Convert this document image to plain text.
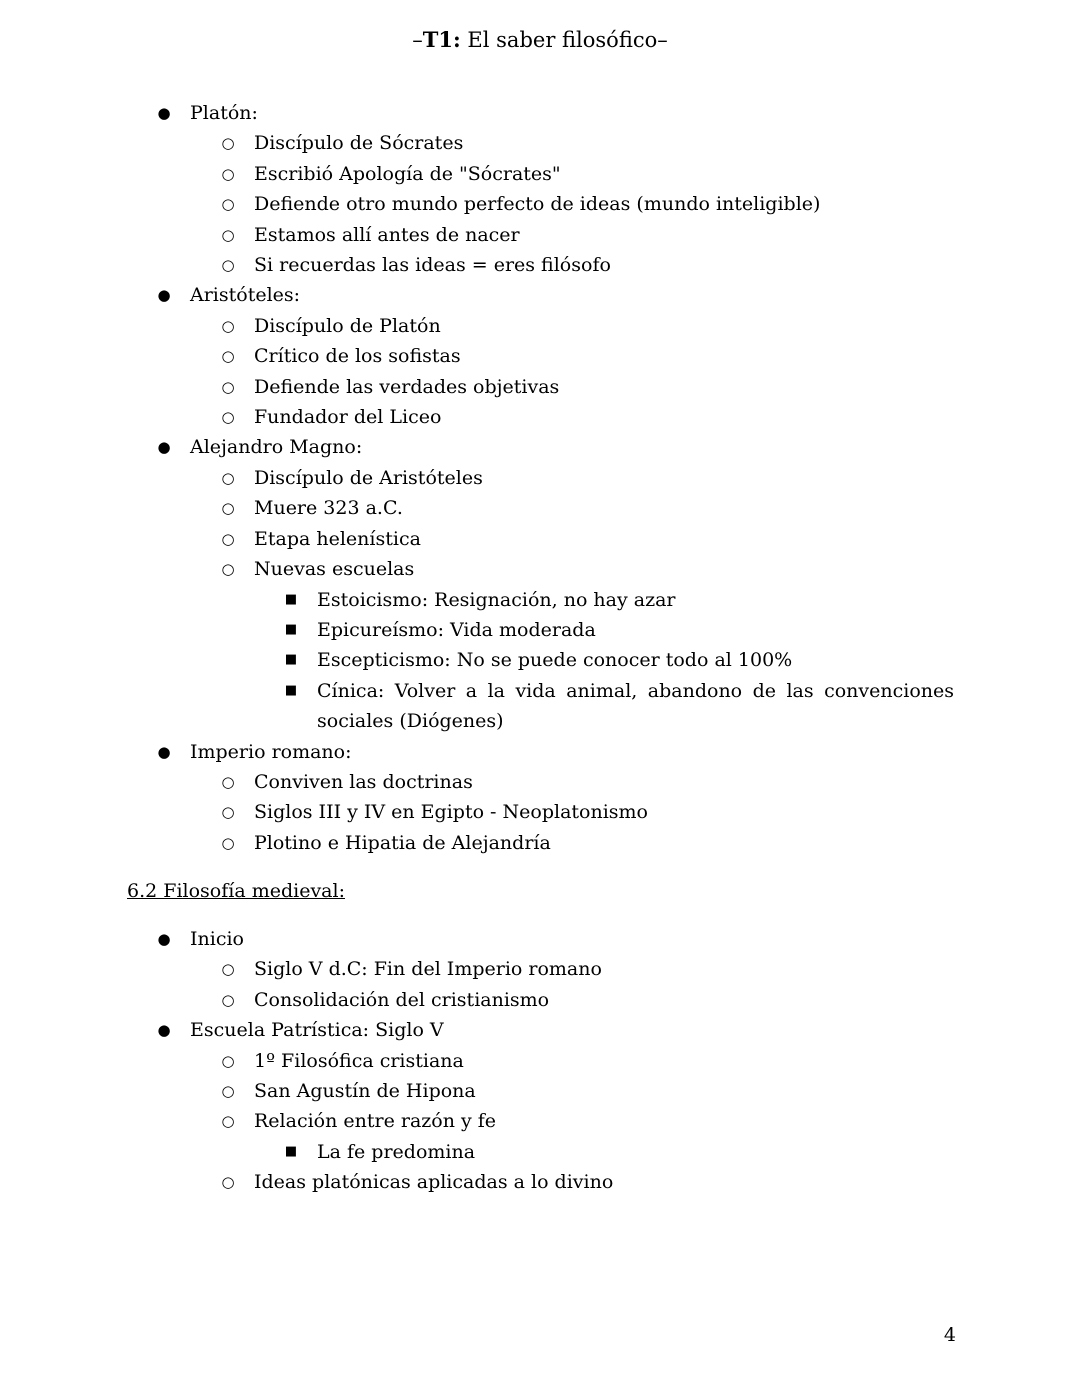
–T1: El saber filosófico–
● Platón:
○ Discípulo de Sócrates
○ Escribió Apología de "Sócrates"
○ Defiende otro mundo perfecto de ideas (mundo inteligible)
○ Estamos allí antes de nacer
○ Si recuerdas las ideas = eres filósofo
● Aristóteles:
○ Discípulo de Platón
○ Crítico de los sofistas
○ Defiende las verdades objetivas
○ Fundador del Liceo
● Alejandro Magno:
○ Discípulo de Aristóteles
○ Muere 323 a.C.
○ Etapa helenística
○ Nuevas escuelas
■ Estoicismo: Resignación, no hay azar
■ Epicureísmo: Vida moderada
■ Escepticismo: No se puede conocer todo al 100%
■ Cínica: Volver a la vida animal, abandono de las convenciones sociales (Diógenes)
● Imperio romano:
○ Conviven las doctrinas
○ Siglos III y IV en Egipto - Neoplatonismo
○ Plotino e Hipatia de Alejandría
6.2 Filosofía medieval:
● Inicio
○ Siglo V d.C: Fin del Imperio romano
○ Consolidación del cristianismo
● Escuela Patrística: Siglo V
○ 1º Filosófica cristiana
○ San Agustín de Hipona
○ Relación entre razón y fe
■ La fe predomina
○ Ideas platónicas aplicadas a lo divino
4
